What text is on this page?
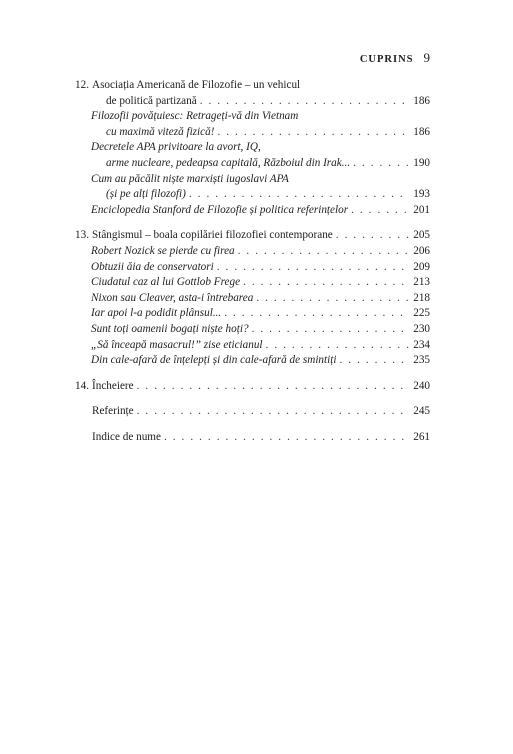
CUPRINS 9
12. Asociația Americană de Filozofie – un vehicul
de politică partizană . . .	186
Filozofii povățuiesc: Retrageți-vă din Vietnam
cu maximă viteză fizică! . . .	186
Decretele APA privitoare la avort, IQ,
arme nucleare, pedeapsa capitală, Războiul din Irak... . . .	190
Cum au păcălit niște marxiști iugoslavi APA
(și pe alți filozofi) . . .	193
Enciclopedia Stanford de Filozofie și politica referințelor . . .	201
13. Stângismul – boala copilăriei filozofiei contemporane . . .	205
Robert Nozick se pierde cu firea . . .	206
Obtuzii ăia de conservatori . . .	209
Ciudatul caz al lui Gottlob Frege . . .	213
Nixon sau Cleaver, asta-i întrebarea . . .	218
Iar apoi l-a podidit plânsul... . . .	225
Sunt toți oamenii bogați niște hoți? . . .	230
„Să înceapă masacrul!” zise eticianul . . .	234
Din cale-afară de înțelepți și din cale-afară de smintiți . . .	235
14. Încheiere . . .	240
Referințe . . .	245
Indice de nume . . .	261
